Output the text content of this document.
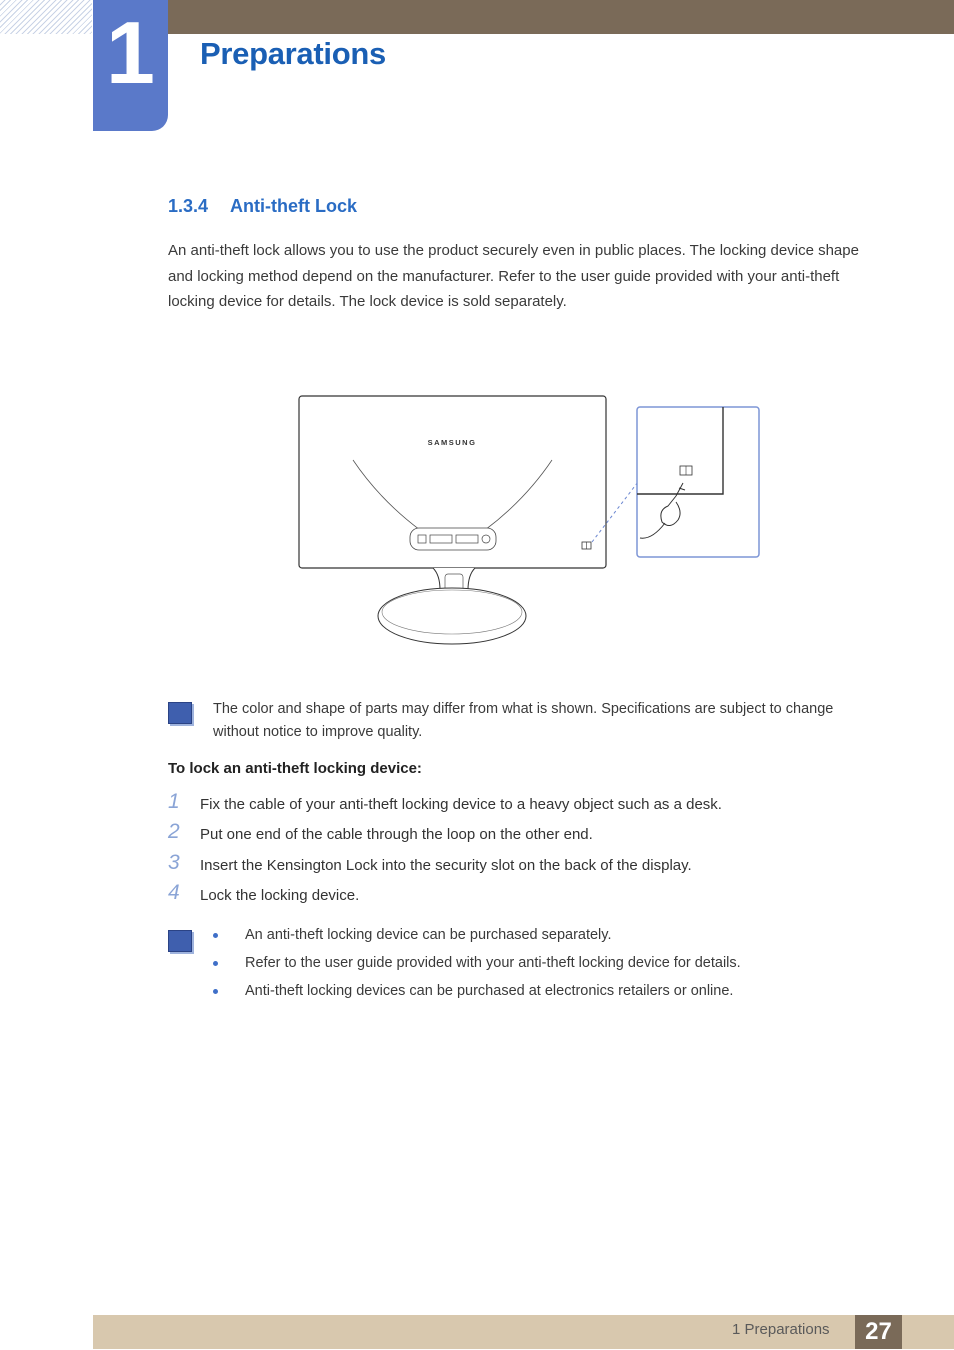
1	Preparations
1.3.4 Anti-theft Lock
An anti-theft lock allows you to use the product securely even in public places. The locking device shape and locking method depend on the manufacturer. Refer to the user guide provided with your anti-theft locking device for details. The lock device is sold separately.
SAMSUNG
The color and shape of parts may differ from what is shown. Specifications are subject to change without notice to improve quality.
To lock an anti-theft locking device:
1 Fix the cable of your anti-theft locking device to a heavy object such as a desk.
2 Put one end of the cable through the loop on the other end.
3 Insert the Kensington Lock into the security slot on the back of the display.
4 Lock the locking device.
An anti-theft locking device can be purchased separately.
Refer to the user guide provided with your anti-theft locking device for details.
Anti-theft locking devices can be purchased at electronics retailers or online.
1 Preparations	27
